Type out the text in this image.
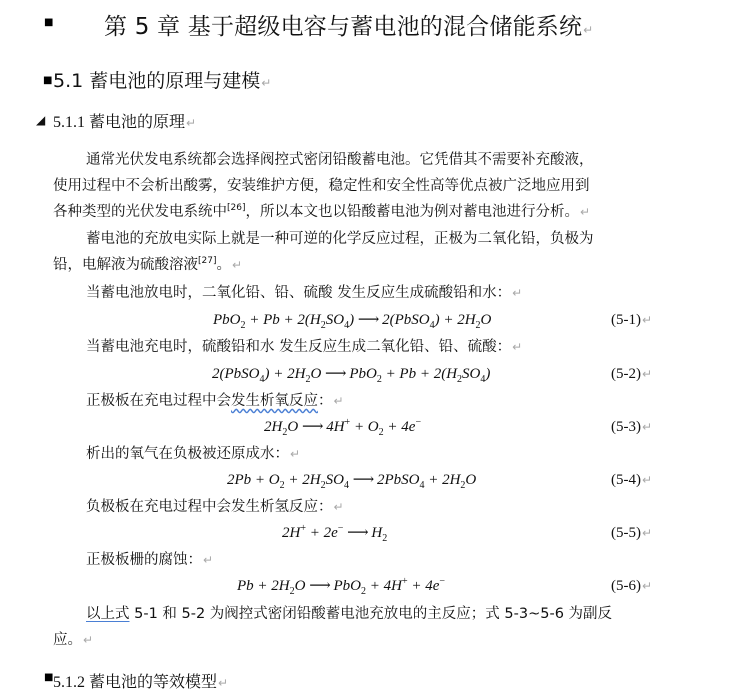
■ 第 5 章 基于超级电容与蓄电池的混合储能系统↵
■ 5.1 蓄电池的原理与建模↵
◢ 5.1.1 蓄电池的原理↵
通常光伏发电系统都会选择阀控式密闭铅酸蓄电池。它凭借其不需要补充酸液，
使用过程中不会析出酸雾，安装维护方便，稳定性和安全性高等优点被广泛地应用到
各种类型的光伏发电系统中[26]，所以本文也以铅酸蓄电池为例对蓄电池进行分析。↵
蓄电池的充放电实际上就是一种可逆的化学反应过程，正极为二氧化铅，负极为
铅，电解液为硫酸溶液[27]。↵
当蓄电池放电时，二氧化铅、铅、硫酸 发生反应生成硫酸铅和水：↵
$PbO_2 + Pb + 2(H_2SO_4)$ ⟶ 2(PbSO$_4$) + $2H_2O$	(5-1)↵
当蓄电池充电时，硫酸铅和水 发生反应生成二氧化铅、铅、硫酸：↵
2(PbSO$_4$) + $2H_2O$ ⟶ $PbO_2 + Pb + 2(H_2SO_4)$	(5-2)↵
正极板在充电过程中会发生析氧反应：↵
$2H_2O$ ⟶ $4H^+ + O_2 + 4e^-$	(5-3)↵
析出的氧气在负极被还原成水：↵
$2Pb + O_2 + 2H_2SO_4$ ⟶ 2PbSO$_4$ + $2H_2O$	(5-4)↵
负极板在充电过程中会发生析氢反应：↵
2H+ + 2e− ⟶ $H_2$	(5-5)↵
正极板栅的腐蚀：↵
$Pb + 2H_2O$ ⟶ PbO$_2$ + 4H+ + 4e−	(5-6)↵
以上式 5-1 和 5-2 为阀控式密闭铅酸蓄电池充放电的主反应；式 5-3~5-6 为副反
应。↵
■ 5.1.2 蓄电池的等效模型↵
